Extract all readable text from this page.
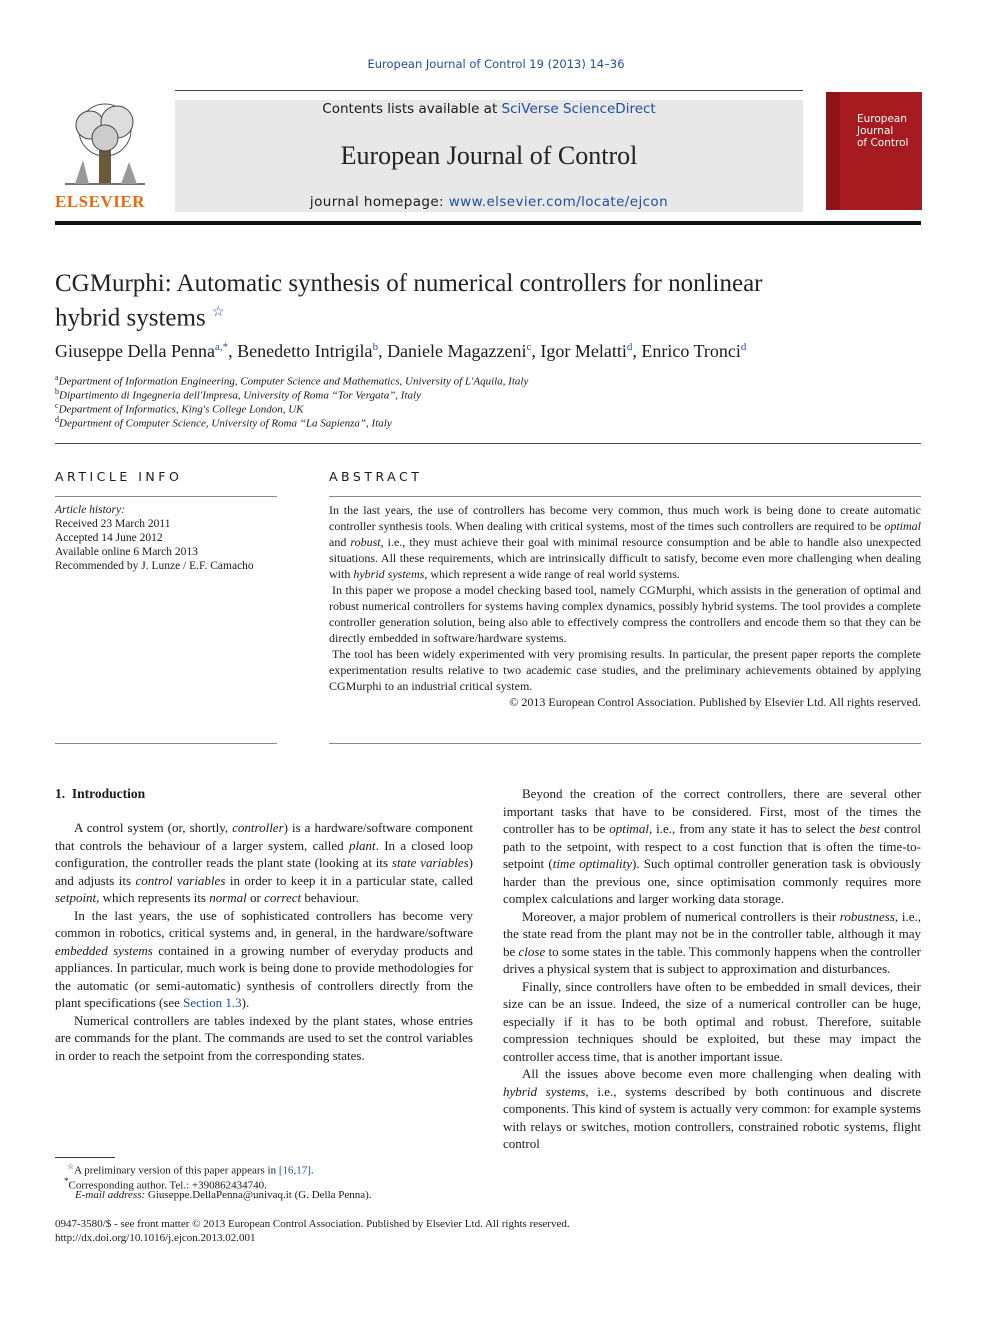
European Journal of Control 19 (2013) 14–36
ELSEVIER
Contents lists available at SciVerse ScienceDirect
European Journal of Control
journal homepage: www.elsevier.com/locate/ejcon
European
Journal
of Control
CGMurphi: Automatic synthesis of numerical controllers for nonlinear
hybrid systems ☆
Giuseppe Della Penna$^{a,*}$, Benedetto Intrigila$^b$, Daniele Magazzeni$^c$, Igor Melatti$^d$, Enrico Tronci$^d$
$^a$Department of Information Engineering, Computer Science and Mathematics, University of L'Aquila, Italy
$^b$Dipartimento di Ingegneria dell'Impresa, University of Roma “Tor Vergata”, Italy
$^c$Department of Informatics, King's College London, UK
$^d$Department of Computer Science, University of Roma “La Sapienza”, Italy
ARTICLE INFO
Article history:
Received 23 March 2011
Accepted 14 June 2012
Available online 6 March 2013
Recommended by J. Lunze / E.F. Camacho
ABSTRACT

In the last years, the use of controllers has become very common, thus much work is being done to create automatic controller synthesis tools. When dealing with critical systems, most of the times such controllers are required to be optimal and robust, i.e., they must achieve their goal with minimal resource consumption and be able to handle also unexpected situations. All these requirements, which are intrinsically difficult to satisfy, become even more challenging when dealing with hybrid systems, which represent a wide range of real world systems.

In this paper we propose a model checking based tool, namely CGMurphi, which assists in the generation of optimal and robust numerical controllers for systems having complex dynamics, possibly hybrid systems. The tool provides a complete controller generation solution, being also able to effectively compress the controllers and encode them so that they can be directly embedded in software/hardware systems.

The tool has been widely experimented with very promising results. In particular, the present paper reports the complete experimentation results relative to two academic case studies, and the preliminary achievements obtained by applying CGMurphi to an industrial critical system.

© 2013 European Control Association. Published by Elsevier Ltd. All rights reserved.

1.  Introduction

A control system (or, shortly, controller) is a hardware/software component that controls the behaviour of a larger system, called plant. In a closed loop configuration, the controller reads the plant state (looking at its state variables) and adjusts its control variables in order to keep it in a particular state, called setpoint, which represents its normal or correct behaviour.

In the last years, the use of sophisticated controllers has become very common in robotics, critical systems and, in general, in the hardware/software embedded systems contained in a growing number of everyday products and appliances. In particular, much work is being done to provide methodologies for the automatic (or semi-automatic) synthesis of controllers directly from the plant specifications (see Section 1.3).

Numerical controllers are tables indexed by the plant states, whose entries are commands for the plant. The commands are used to set the control variables in order to reach the setpoint from the corresponding states.

☆A preliminary version of this paper appears in [16,17].
*Corresponding author. Tel.: +390862434740.
E-mail address: Giuseppe.DellaPenna@univaq.it (G. Della Penna).

Beyond the creation of the correct controllers, there are several other important tasks that have to be considered. First, most of the times the controller has to be optimal, i.e., from any state it has to select the best control path to the setpoint, with respect to a cost function that is often the time-to-setpoint (time optimality). Such optimal controller generation task is obviously harder than the previous one, since optimisation commonly requires more complex calculations and larger working data storage.

Moreover, a major problem of numerical controllers is their robustness, i.e., the state read from the plant may not be in the controller table, although it may be close to some states in the table. This commonly happens when the controller drives a physical system that is subject to approximation and disturbances.

Finally, since controllers have often to be embedded in small devices, their size can be an issue. Indeed, the size of a numerical controller can be huge, especially if it has to be both optimal and robust. Therefore, suitable compression techniques should be exploited, but these may impact the controller access time, that is another important issue.

All the issues above become even more challenging when dealing with hybrid systems, i.e., systems described by both continuous and discrete components. This kind of system is actually very common: for example systems with relays or switches, motion controllers, constrained robotic systems, flight control

0947-3580/$ - see front matter © 2013 European Control Association. Published by Elsevier Ltd. All rights reserved.
http://dx.doi.org/10.1016/j.ejcon.2013.02.001
